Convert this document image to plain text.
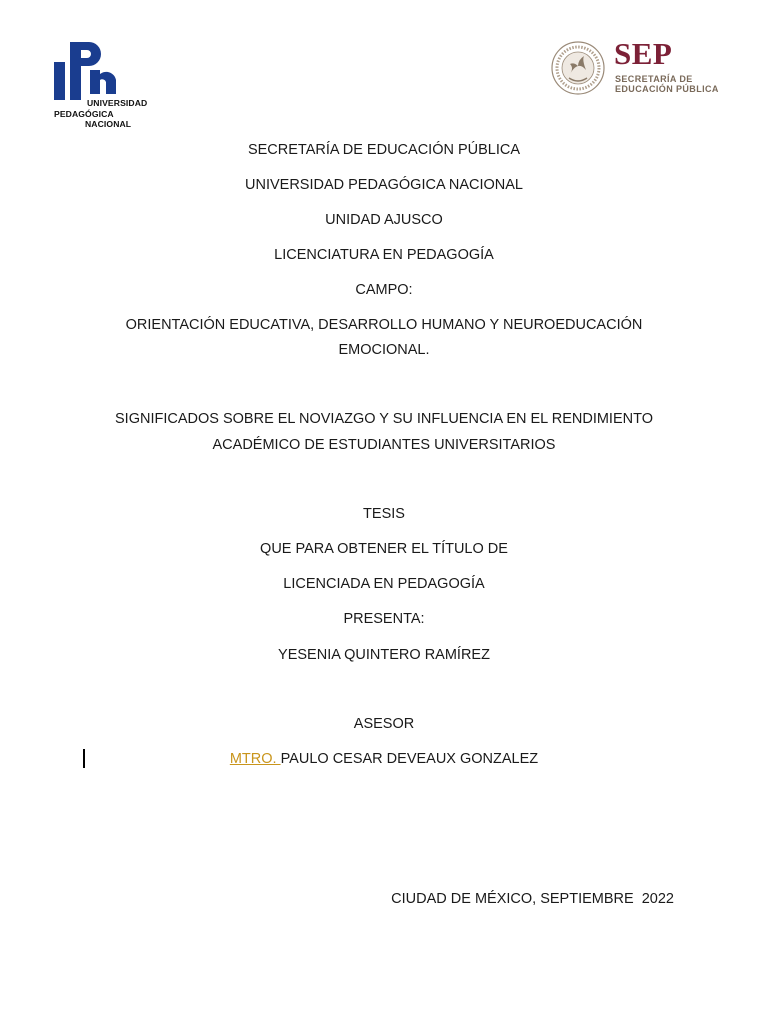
UNIVERSIDAD
PEDAGÓGICA
NACIONAL
SEP
SECRETARÍA DE
EDUCACIÓN PÚBLICA
SECRETARÍA DE EDUCACIÓN PÚBLICA
UNIVERSIDAD PEDAGÓGICA NACIONAL
UNIDAD AJUSCO
LICENCIATURA EN PEDAGOGÍA
CAMPO:
ORIENTACIÓN EDUCATIVA, DESARROLLO HUMANO Y NEUROEDUCACIÓN
EMOCIONAL.
SIGNIFICADOS SOBRE EL NOVIAZGO Y SU INFLUENCIA EN EL RENDIMIENTO
ACADÉMICO DE ESTUDIANTES UNIVERSITARIOS
TESIS
QUE PARA OBTENER EL TÍTULO DE
LICENCIADA EN PEDAGOGÍA
PRESENTA:
YESENIA QUINTERO RAMÍREZ
ASESOR
MTRO. PAULO CESAR DEVEAUX GONZALEZ
CIUDAD DE MÉXICO, SEPTIEMBRE  2022
